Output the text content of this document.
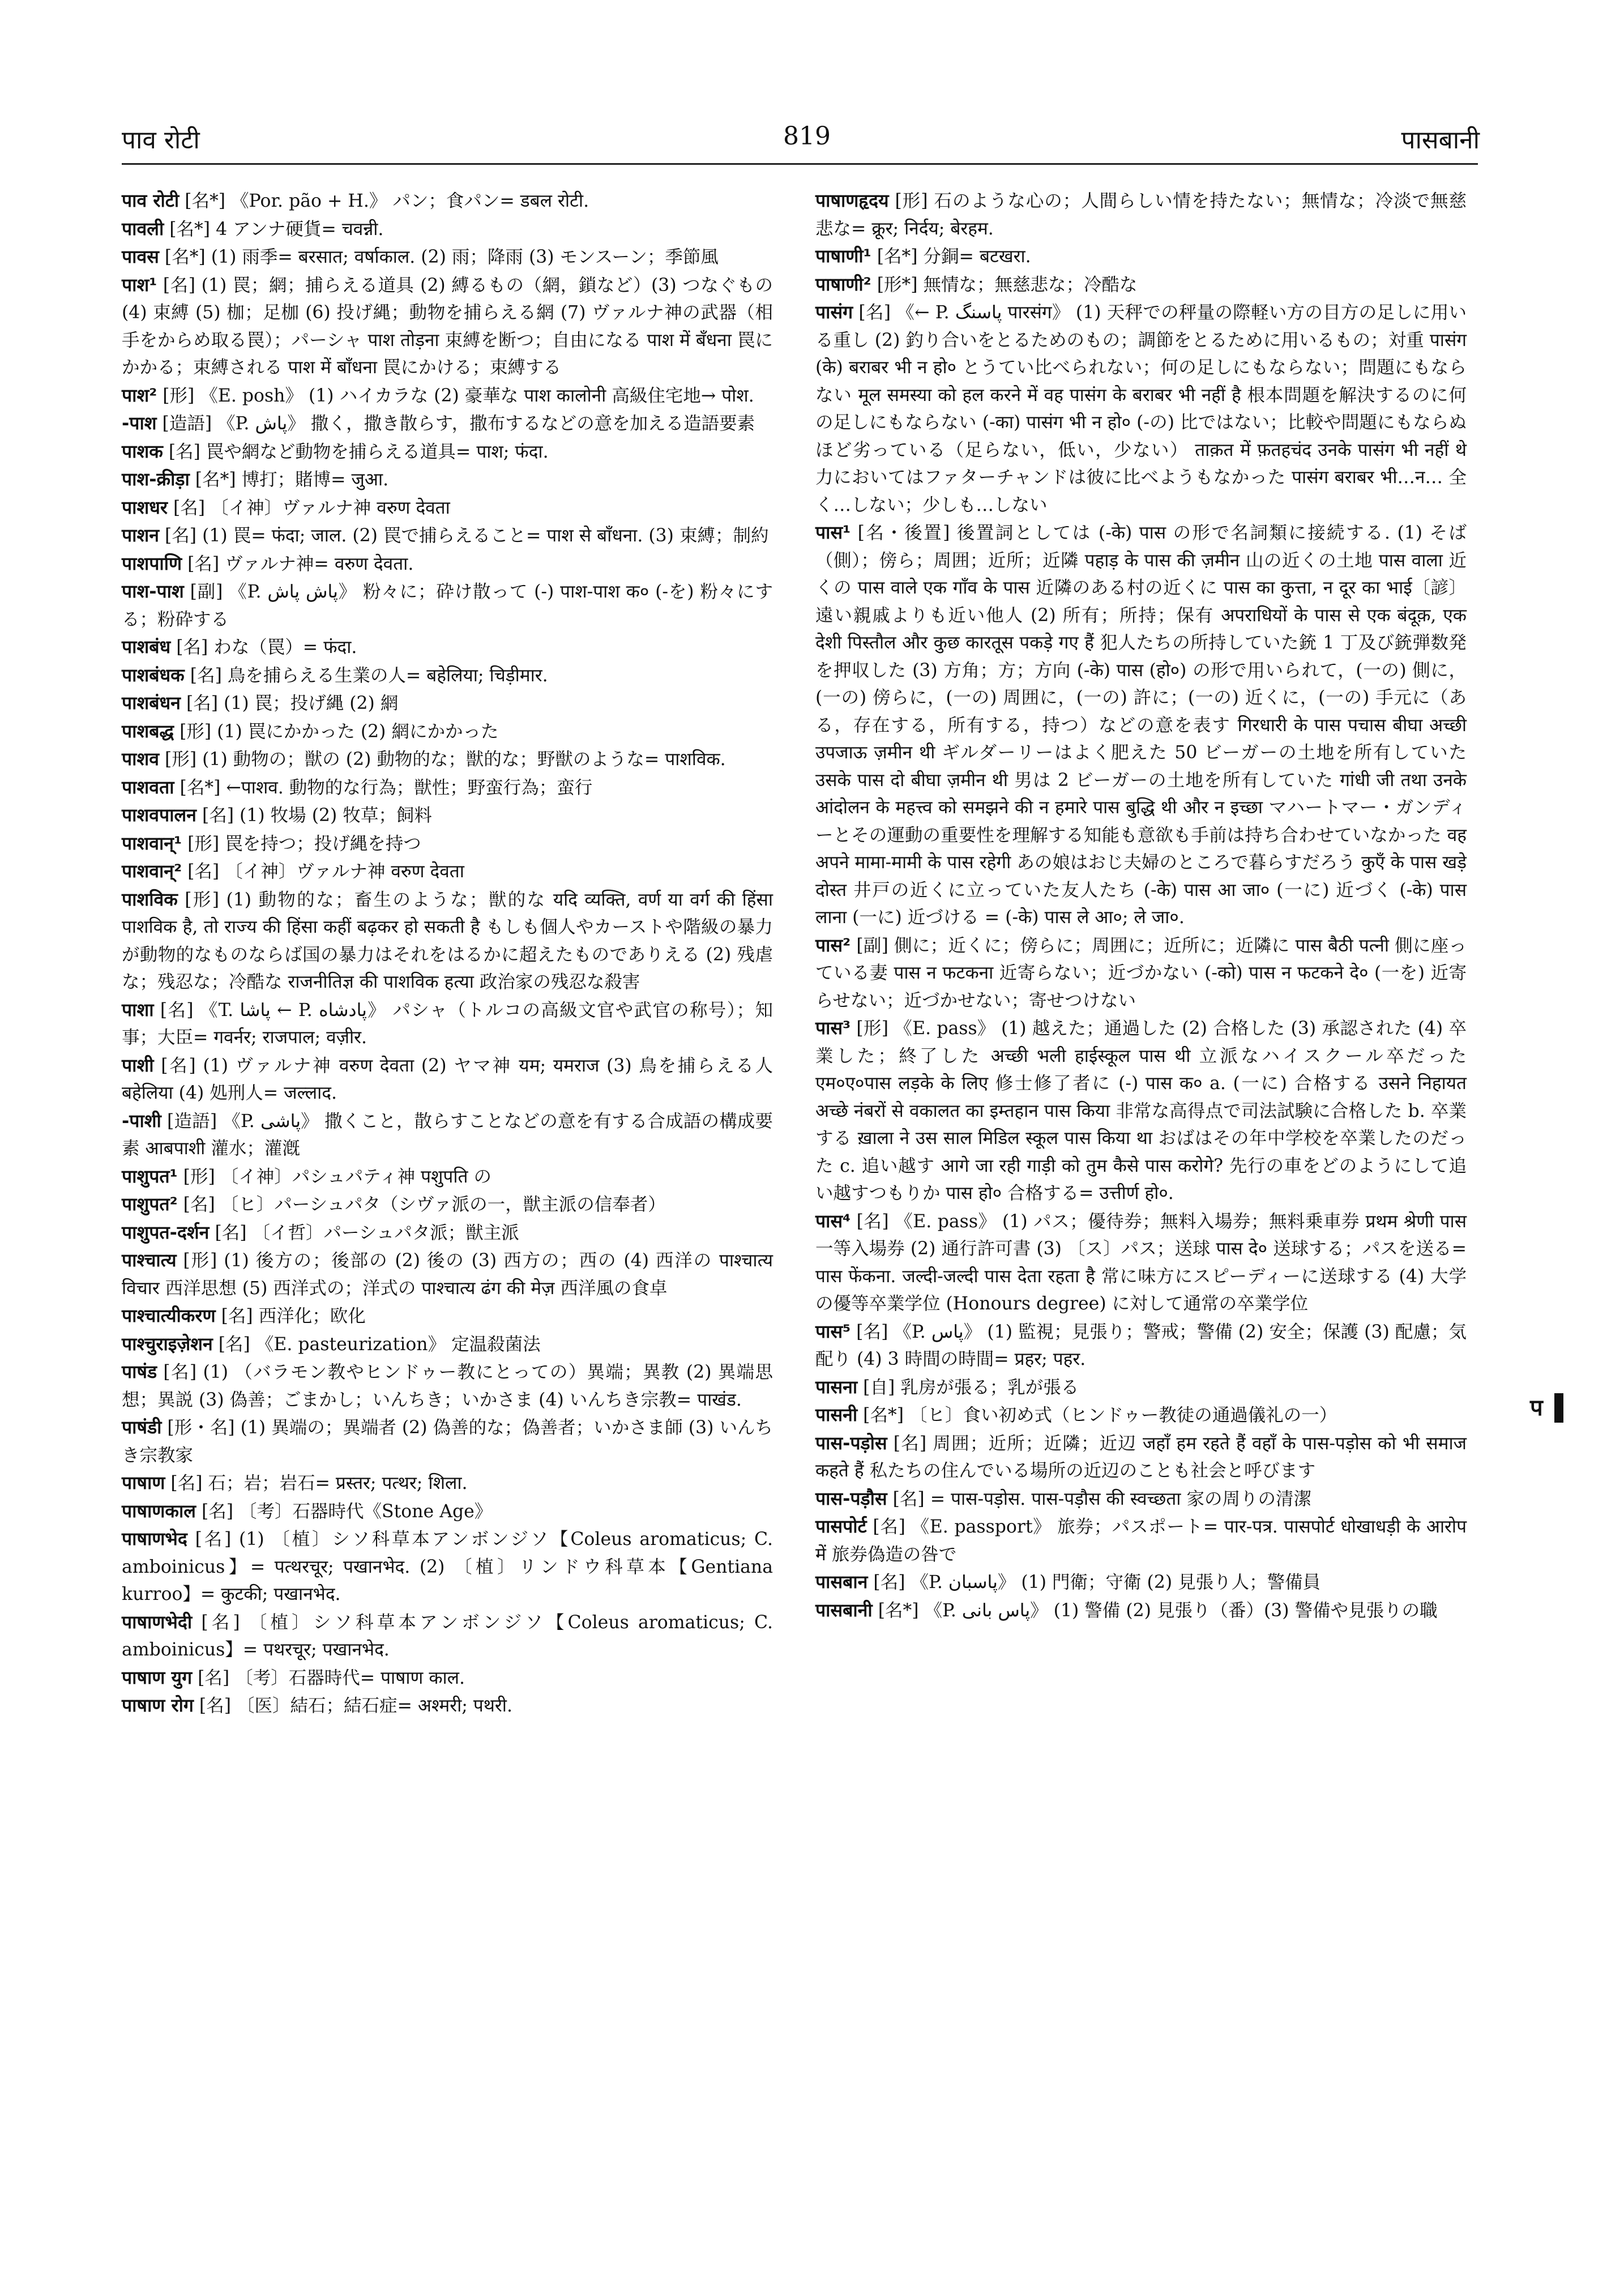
पाव रोटी	819	पासबानी

पाव रोटी [名*] 《Por. pão + H.》 パン；食パン= डबल रोटी.

पावली [名*] 4 アンナ硬貨= चवन्नी.

पावस [名*] (1) 雨季= बरसात; वर्षाकाल. (2) 雨；降雨 (3) モンスーン；季節風

पाश¹ [名] (1) 罠；網；捕らえる道具 (2) 縛るもの（網，鎖など）(3) つなぐもの (4) 束縛 (5) 枷；足枷 (6) 投げ縄；動物を捕らえる網 (7) ヴァルナ神の武器（相手をからめ取る罠）；パーシャ पाश तोड़ना 束縛を断つ；自由になる पाश में बँधना 罠にかかる；束縛される पाश में बाँधना 罠にかける；束縛する

पाश² [形] 《E. posh》 (1) ハイカラな (2) 豪華な पाश कालोनी 高級住宅地→ पोश.

-पाश [造語] 《P. پاش》 撒く，撒き散らす，撒布するなどの意を加える造語要素

पाशक [名] 罠や網など動物を捕らえる道具= पाश; फंदा.

पाश-क्रीड़ा [名*] 博打；賭博= जुआ.

पाशधर [名] 〔イ神〕ヴァルナ神 वरुण देवता

पाशन [名] (1) 罠= फंदा; जाल. (2) 罠で捕らえること= पाश से बाँधना. (3) 束縛；制約

पाशपाणि [名] ヴァルナ神= वरुण देवता.

पाश-पाश [副] 《P. پاش پاش》 粉々に；砕け散って (-) पाश-पाश क० (-を) 粉々にする；粉砕する

पाशबंध [名] わな（罠）= फंदा.

पाशबंधक [名] 鳥を捕らえる生業の人= बहेलिया; चिड़ीमार.

पाशबंधन [名] (1) 罠；投げ縄 (2) 網

पाशबद्ध [形] (1) 罠にかかった (2) 網にかかった

पाशव [形] (1) 動物の；獣の (2) 動物的な；獣的な；野獣のような= पाशविक.

पाशवता [名*] ←पाशव. 動物的な行為；獣性；野蛮行為；蛮行

पाशवपालन [名] (1) 牧場 (2) 牧草；飼料

पाशवान्¹ [形] 罠を持つ；投げ縄を持つ

पाशवान्² [名] 〔イ神〕ヴァルナ神 वरुण देवता

पाशविक [形] (1) 動物的な；畜生のような；獣的な यदि व्यक्ति, वर्ण या वर्ग की हिंसा पाशविक है, तो राज्य की हिंसा कहीं बढ़कर हो सकती है もしも個人やカーストや階級の暴力が動物的なものならば国の暴力はそれをはるかに超えたものでありえる (2) 残虐な；残忍な；冷酷な राजनीतिज्ञ की पाशविक हत्या 政治家の残忍な殺害

पाशा [名] 《T. پاشا ← P. پادشاه》 パシャ（トルコの高級文官や武官の称号）；知事；大臣= गवर्नर; राजपाल; वज़ीर.

पाशी [名] (1) ヴァルナ神 वरुण देवता (2) ヤマ神 यम; यमराज (3) 鳥を捕らえる人 बहेलिया (4) 処刑人= जल्लाद.

-पाशी [造語] 《P. پاشی》 撒くこと，散らすことなどの意を有する合成語の構成要素 आबपाशी 灌水；灌漑

पाशुपत¹ [形] 〔イ神〕パシュパティ神 पशुपति の

पाशुपत² [名] 〔ヒ〕パーシュパタ（シヴァ派の一，獣主派の信奉者）

पाशुपत-दर्शन [名] 〔イ哲〕パーシュパタ派；獣主派

पाश्चात्य [形] (1) 後方の；後部の (2) 後の (3) 西方の；西の (4) 西洋の पाश्चात्य विचार 西洋思想 (5) 西洋式の；洋式の पाश्चात्य ढंग की मेज़ 西洋風の食卓

पाश्चात्यीकरण [名] 西洋化；欧化

पाश्चुराइज़ेशन [名] 《E. pasteurization》 定温殺菌法

पाषंड [名] (1) （バラモン教やヒンドゥー教にとっての）異端；異教 (2) 異端思想；異説 (3) 偽善；ごまかし；いんちき；いかさま (4) いんちき宗教= पाखंड.

पाषंडी [形・名] (1) 異端の；異端者 (2) 偽善的な；偽善者；いかさま師 (3) いんちき宗教家

पाषाण [名] 石；岩；岩石= प्रस्तर; पत्थर; शिला.

पाषाणकाल [名] 〔考〕石器時代《Stone Age》

पाषाणभेद [名] (1) 〔植〕シソ科草本アンボンジソ【Coleus aromaticus; C. amboinicus】= पत्थरचूर; पखानभेद. (2) 〔植〕リンドウ科草本【Gentiana kurroo】= कुटकी; पखानभेद.

पाषाणभेदी [名] 〔植〕シソ科草本アンボンジソ【Coleus aromaticus; C. amboinicus】= पथरचूर; पखानभेद.

पाषाण युग [名] 〔考〕石器時代= पाषाण काल.

पाषाण रोग [名] 〔医〕結石；結石症= अश्मरी; पथरी.

पाषाणहृदय [形] 石のような心の；人間らしい情を持たない；無情な；冷淡で無慈悲な= क्रूर; निर्दय; बेरहम.

पाषाणी¹ [名*] 分銅= बटखरा.

पाषाणी² [形*] 無情な；無慈悲な；冷酷な

पासंग [名] 《← P. پاسنگ पारसंग》 (1) 天秤での秤量の際軽い方の目方の足しに用いる重し (2) 釣り合いをとるためのもの；調節をとるために用いるもの；対重 पासंग (के) बराबर भी न हो० とうてい比べられない；何の足しにもならない；問題にもならない मूल समस्या को हल करने में वह पासंग के बराबर भी नहीं है 根本問題を解決するのに何の足しにもならない (-का) पासंग भी न हो० (-の) 比ではない；比較や問題にもならぬほど劣っている（足らない，低い，少ない） ताक़त में फ़तहचंद उनके पासंग भी नहीं थे 力においてはファターチャンドは彼に比べようもなかった पासंग बराबर भी…न… 全く…しない；少しも…しない

पास¹ [名・後置] 後置詞としては (-के) पास の形で名詞類に接続する. (1) そば（側）；傍ら；周囲；近所；近隣 पहाड़ के पास की ज़मीन 山の近くの土地 पास वाला 近くの पास वाले एक गाँव के पास 近隣のある村の近くに पास का कुत्ता, न दूर का भाई〔諺〕遠い親戚よりも近い他人 (2) 所有；所持；保有 अपराधियों के पास से एक बंदूक़, एक देशी पिस्तौल और कुछ कारतूस पकड़े गए हैं 犯人たちの所持していた銃 1 丁及び銃弾数発を押収した (3) 方角；方；方向 (-के) पास (हो०) の形で用いられて，(一の) 側に，(一の) 傍らに，(一の) 周囲に，(一の) 許に；(一の) 近くに，(一の) 手元に（ある，存在する，所有する，持つ）などの意を表す गिरधारी के पास पचास बीघा अच्छी उपजाऊ ज़मीन थी ギルダーリーはよく肥えた 50 ビーガーの土地を所有していた उसके पास दो बीघा ज़मीन थी 男は 2 ビーガーの土地を所有していた गांधी जी तथा उनके आंदोलन के महत्त्व को समझने की न हमारे पास बुद्धि थी और न इच्छा マハートマー・ガンディーとその運動の重要性を理解する知能も意欲も手前は持ち合わせていなかった वह अपने मामा-मामी के पास रहेगी あの娘はおじ夫婦のところで暮らすだろう कुएँ के पास खड़े दोस्त 井戸の近くに立っていた友人たち (-के) पास आ जा० (一に) 近づく (-के) पास लाना (一に) 近づける = (-के) पास ले आ०; ले जा०.

पास² [副] 側に；近くに；傍らに；周囲に；近所に；近隣に पास बैठी पत्नी 側に座っている妻 पास न फटकना 近寄らない；近づかない (-को) पास न फटकने दे० (一を) 近寄らせない；近づかせない；寄せつけない

पास³ [形] 《E. pass》 (1) 越えた；通過した (2) 合格した (3) 承認された (4) 卒業した；終了した अच्छी भली हाईस्कूल पास थी 立派なハイスクール卒だった एम०ए०पास लड़के के लिए 修士修了者に (-) पास क० a. (一に) 合格する उसने निहायत अच्छे नंबरों से वकालत का इम्तहान पास किया 非常な高得点で司法試験に合格した b. 卒業する ख़ाला ने उस साल मिडिल स्कूल पास किया था おばはその年中学校を卒業したのだった c. 追い越す आगे जा रही गाड़ी को तुम कैसे पास करोगे? 先行の車をどのようにして追い越すつもりか पास हो० 合格する= उत्तीर्ण हो०.

पास⁴ [名] 《E. pass》 (1) パス；優待券；無料入場券；無料乗車券 प्रथम श्रेणी पास 一等入場券 (2) 通行許可書 (3) 〔ス〕パス；送球 पास दे० 送球する；パスを送る= पास फेंकना. जल्दी-जल्दी पास देता रहता है 常に味方にスピーディーに送球する (4) 大学の優等卒業学位 (Honours degree) に対して通常の卒業学位

पास⁵ [名] 《P. پاس》 (1) 監視；見張り；警戒；警備 (2) 安全；保護 (3) 配慮；気配り (4) 3 時間の時間= प्रहर; पहर.

पासना [自] 乳房が張る；乳が張る

पासनी [名*] 〔ヒ〕食い初め式（ヒンドゥー教徒の通過儀礼の一）

पास-पड़ोस [名] 周囲；近所；近隣；近辺 जहाँ हम रहते हैं वहाँ के पास-पड़ोस को भी समाज कहते हैं 私たちの住んでいる場所の近辺のことも社会と呼びます

पास-पड़ौस [名] = पास-पड़ोस. पास-पड़ौस की स्वच्छता 家の周りの清潔

पासपोर्ट [名] 《E. passport》 旅券；パスポート= पार-पत्र. पासपोर्ट धोखाधड़ी के आरोप में 旅券偽造の咎で

पासबान [名] 《P. پاسبان》 (1) 門衛；守衛 (2) 見張り人；警備員

पासबानी [名*] 《P. پاس بانی》 (1) 警備 (2) 見張り（番）(3) 警備や見張りの職

प
